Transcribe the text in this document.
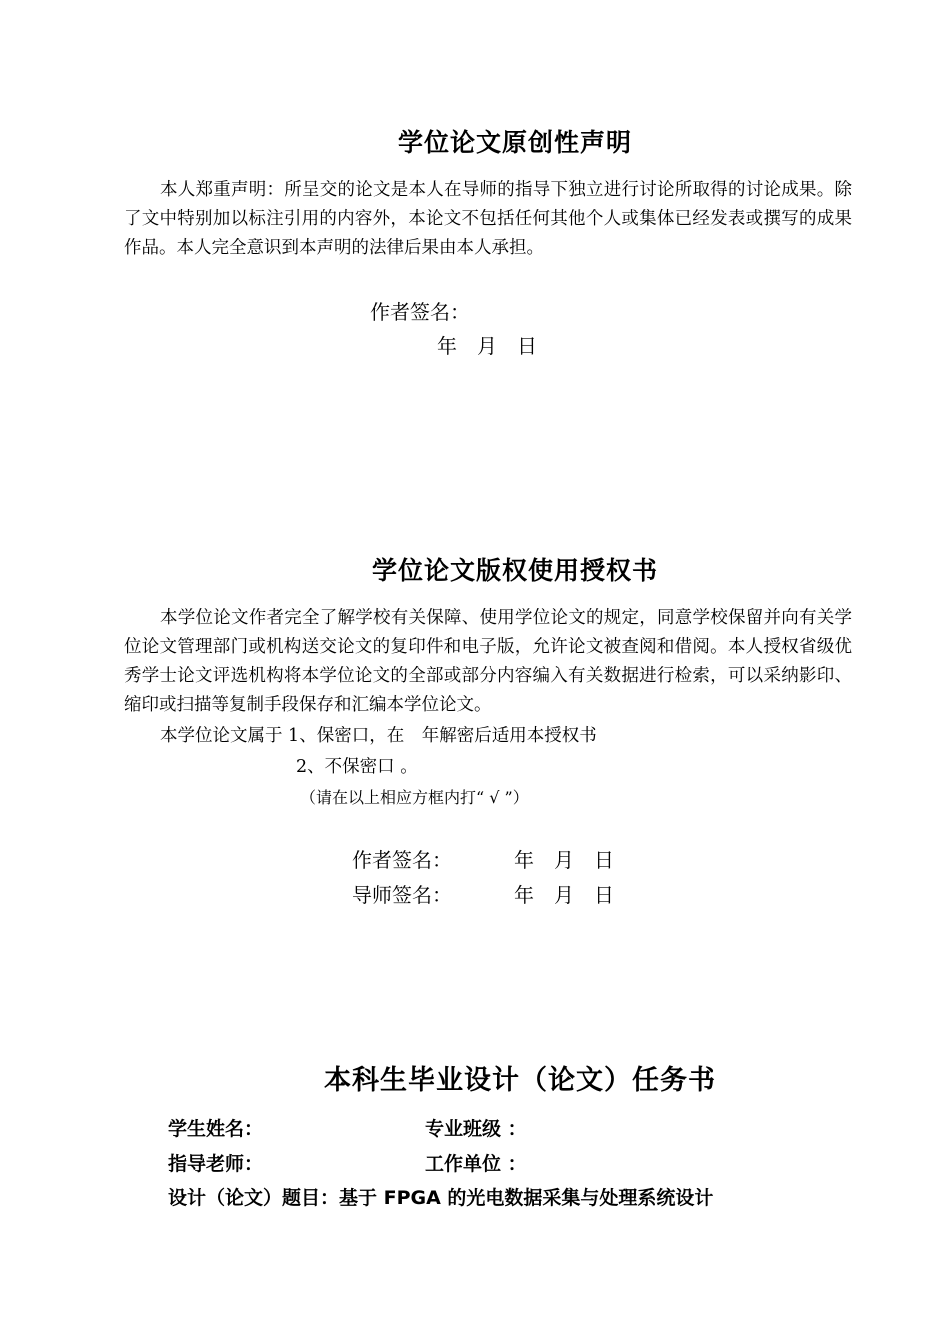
学位论文原创性声明

本人郑重声明：所呈交的论文是本人在导师的指导下独立进行讨论所取得的讨论成果。除了文中特别加以标注引用的内容外，本论文不包括任何其他个人或集体已经发表或撰写的成果作品。本人完全意识到本声明的法律后果由本人承担。

作者签名：
年　月　日
学位论文版权使用授权书

本学位论文作者完全了解学校有关保障、使用学位论文的规定，同意学校保留并向有关学位论文管理部门或机构送交论文的复印件和电子版，允许论文被查阅和借阅。本人授权省级优秀学士论文评选机构将本学位论文的全部或部分内容编入有关数据进行检索，可以采纳影印、缩印或扫描等复制手段保存和汇编本学位论文。

本学位论文属于 1、保密口，在　年解密后适用本授权书
2、不保密口 。
（请在以上相应方框内打“ √ ”）
作者签名：	年　月　日
导师签名：	年　月　日
本科生毕业设计（论文）任务书
学生姓名：	专业班级 ：
指导老师：	工作单位 ：
设计（论文）题目：基于 FPGA 的光电数据采集与处理系统设计
